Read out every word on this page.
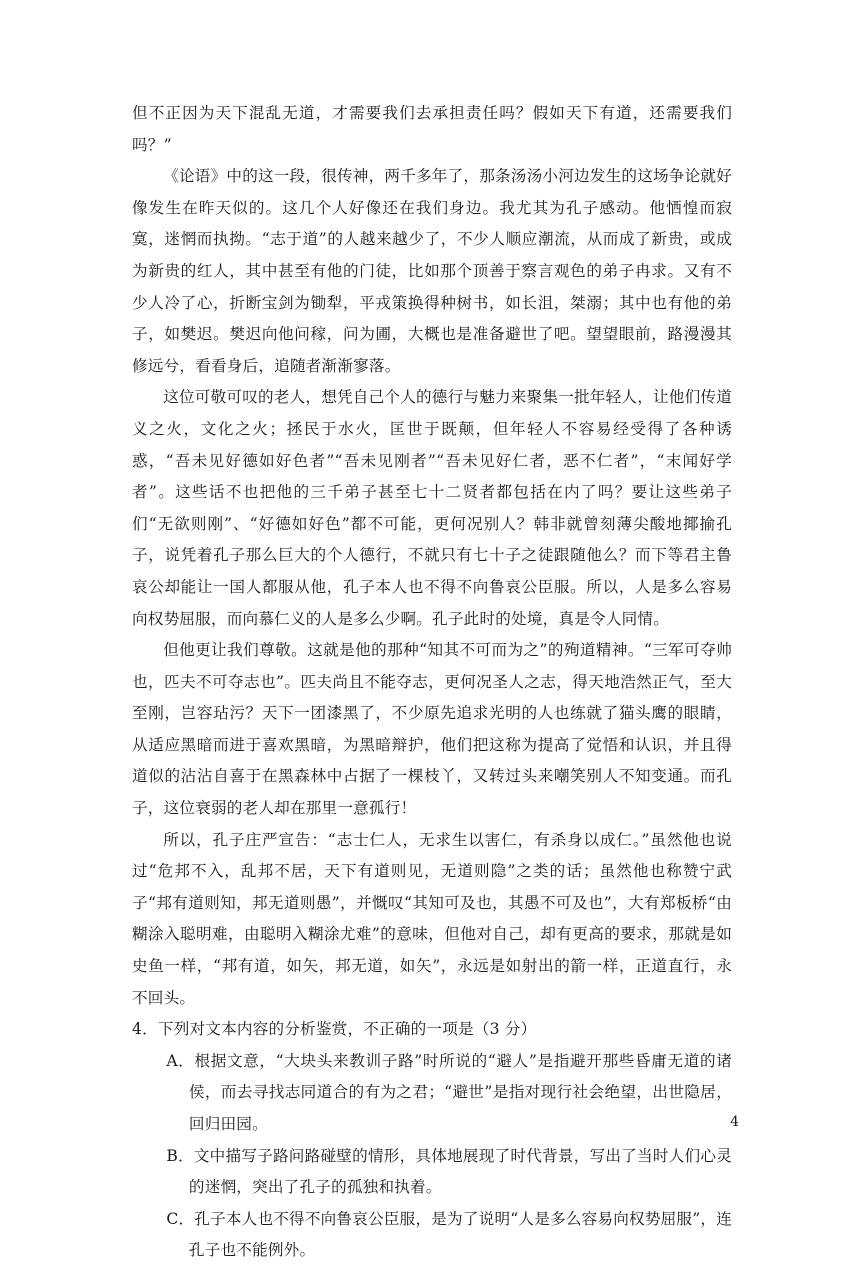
但不正因为天下混乱无道，才需要我们去承担责任吗？假如天下有道，还需要我们吗？”

《论语》中的这一段，很传神，两千多年了，那条汤汤小河边发生的这场争论就好像发生在昨天似的。这几个人好像还在我们身边。我尤其为孔子感动。他恓惶而寂寞，迷惘而执拗。“志于道”的人越来越少了，不少人顺应潮流，从而成了新贵，或成为新贵的红人，其中甚至有他的门徒，比如那个顶善于察言观色的弟子冉求。又有不少人冷了心，折断宝剑为锄犁，平戎策换得种树书，如长沮，桀溺；其中也有他的弟子，如樊迟。樊迟向他问稼，问为圃，大概也是准备避世了吧。望望眼前，路漫漫其修远兮，看看身后，追随者渐渐寥落。

这位可敬可叹的老人，想凭自己个人的德行与魅力来聚集一批年轻人，让他们传道义之火，文化之火；拯民于水火，匡世于既颠，但年轻人不容易经受得了各种诱惑，“吾未见好德如好色者”“吾未见刚者”“吾未见好仁者，恶不仁者”，“末闻好学者”。这些话不也把他的三千弟子甚至七十二贤者都包括在内了吗？要让这些弟子们“无欲则刚”、“好德如好色”都不可能，更何况别人？韩非就曾刻薄尖酸地揶揄孔子，说凭着孔子那么巨大的个人德行，不就只有七十子之徒跟随他么？而下等君主鲁哀公却能让一国人都服从他，孔子本人也不得不向鲁哀公臣服。所以，人是多么容易向权势屈服，而向慕仁义的人是多么少啊。孔子此时的处境，真是令人同情。

但他更让我们尊敬。这就是他的那种“知其不可而为之”的殉道精神。“三军可夺帅也，匹夫不可夺志也”。匹夫尚且不能夺志，更何况圣人之志，得天地浩然正气，至大至刚，岂容玷污？天下一团漆黑了，不少原先追求光明的人也练就了猫头鹰的眼睛，从适应黑暗而进于喜欢黑暗，为黑暗辩护，他们把这称为提高了觉悟和认识，并且得道似的沾沾自喜于在黑森林中占据了一棵枝丫，又转过头来嘲笑别人不知变通。而孔子，这位衰弱的老人却在那里一意孤行！

所以，孔子庄严宣告：“志士仁人，无求生以害仁，有杀身以成仁。”虽然他也说过“危邦不入，乱邦不居，天下有道则见，无道则隐”之类的话；虽然他也称赞宁武子“邦有道则知，邦无道则愚”，并慨叹“其知可及也，其愚不可及也”，大有郑板桥“由糊涂入聪明难，由聪明入糊涂尤难”的意味，但他对自己，却有更高的要求，那就是如史鱼一样，“邦有道，如矢，邦无道，如矢”，永远是如射出的箭一样，正道直行，永不回头。

4．下列对文本内容的分析鉴赏，不正确的一项是（3 分）

A．根据文意，“大块头来教训子路”时所说的“避人”是指避开那些昏庸无道的诸侯，而去寻找志同道合的有为之君；“避世”是指对现行社会绝望，出世隐居，回归田园。

B．文中描写子路问路碰壁的情形，具体地展现了时代背景，写出了当时人们心灵的迷惘，突出了孔子的孤独和执着。

C．孔子本人也不得不向鲁哀公臣服，是为了说明“人是多么容易向权势屈服”，连孔子也不能例外。

4
